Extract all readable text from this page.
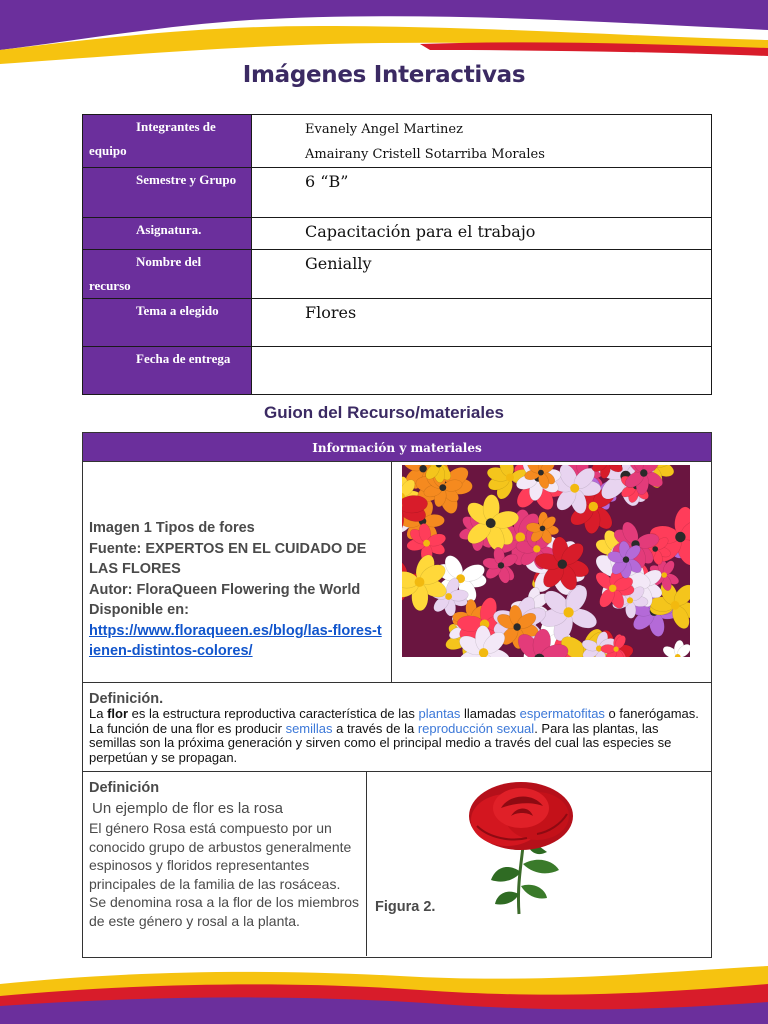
Imágenes Interactivas
Integrantes de equipo	Evanely Angel Martinez
Amairany Cristell Sotarriba Morales

Semestre y Grupo	6 “B”

Asignatura.	Capacitación para el trabajo

Nombre del recurso	Genially

Tema a elegido	Flores

Fecha de entrega	

Guion del Recurso/materiales
Información y materiales
Imagen 1 Tipos de fores
Fuente: EXPERTOS EN EL CUIDADO DE LAS FLORES
Autor: FloraQueen Flowering the World
Disponible en:
https://www.floraqueen.es/blog/las-flores-tienen-distintos-colores/
Definición.
La flor es la estructura reproductiva característica de las plantas llamadas espermatofitas o fanerógamas. La función de una flor es producir semillas a través de la reproducción sexual. Para las plantas, las semillas son la próxima generación y sirven como el principal medio a través del cual las especies se perpetúan y se propagan.
Definición
Un ejemplo de flor es la rosa
El género Rosa está compuesto por un conocido grupo de arbustos generalmente espinosos y floridos representantes principales de la familia de las rosáceas. Se denomina rosa a la flor de los miembros de este género y rosal a la planta.
Figura 2.
